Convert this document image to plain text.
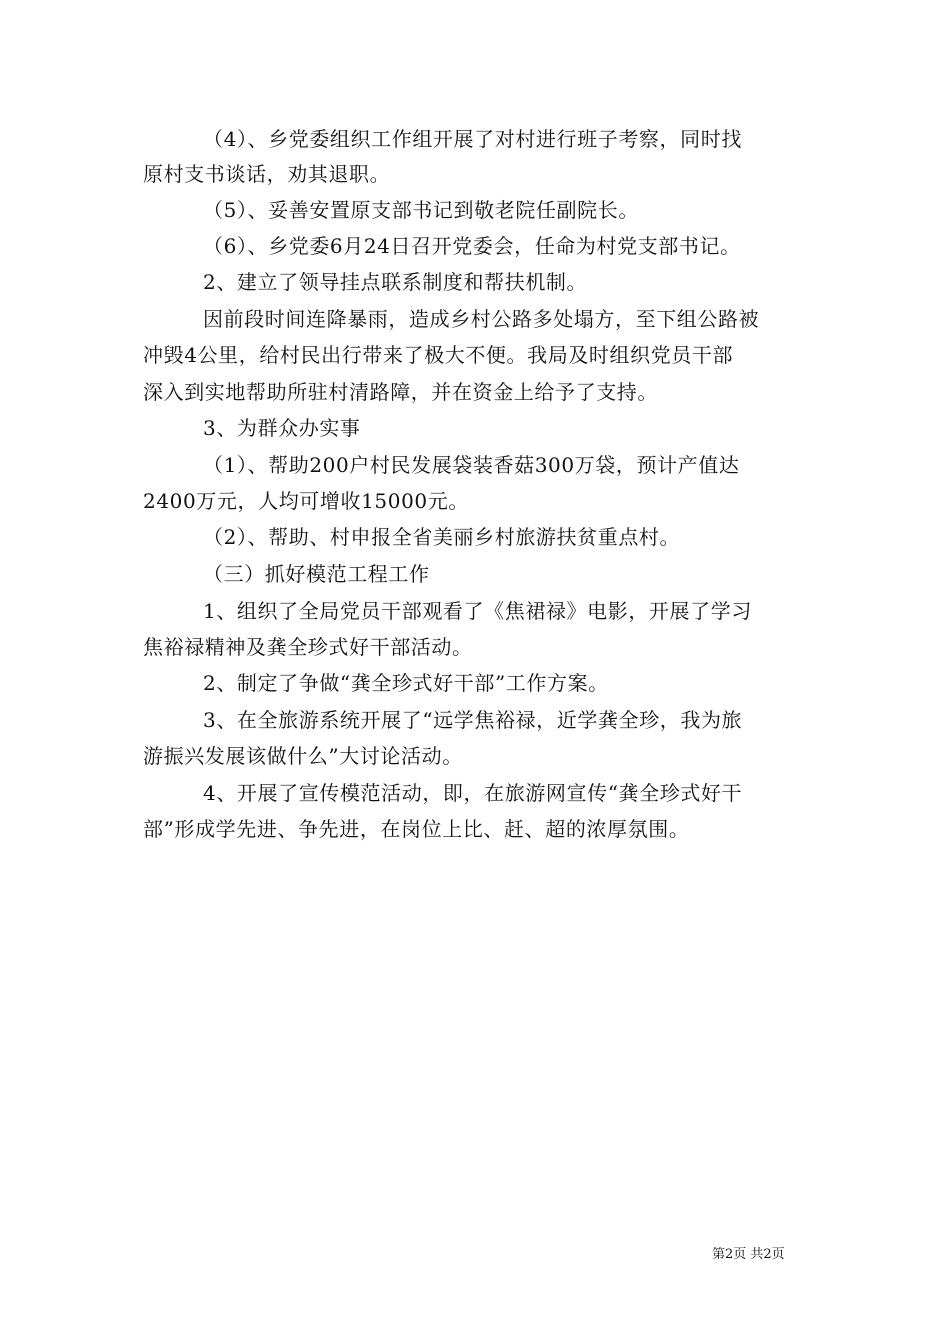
（4）、乡党委组织工作组开展了对村进行班子考察，同时找
原村支书谈话，劝其退职。
（5）、妥善安置原支部书记到敬老院任副院长。
（6）、乡党委6月24日召开党委会，任命为村党支部书记。
2、建立了领导挂点联系制度和帮扶机制。
因前段时间连降暴雨，造成乡村公路多处塌方，至下组公路被
冲毁4公里，给村民出行带来了极大不便。我局及时组织党员干部
深入到实地帮助所驻村清路障，并在资金上给予了支持。
3、为群众办实事
（1）、帮助200户村民发展袋装香菇300万袋，预计产值达
2400万元，人均可增收15000元。
（2）、帮助、村申报全省美丽乡村旅游扶贫重点村。
（三）抓好模范工程工作
1、组织了全局党员干部观看了《焦裙禄》电影，开展了学习
焦裕禄精神及龚全珍式好干部活动。
2、制定了争做“龚全珍式好干部”工作方案。
3、在全旅游系统开展了“远学焦裕禄，近学龚全珍，我为旅
游振兴发展该做什么”大讨论活动。
4、开展了宣传模范活动，即，在旅游网宣传“龚全珍式好干
部”形成学先进、争先进，在岗位上比、赶、超的浓厚氛围。
第2页 共2页
